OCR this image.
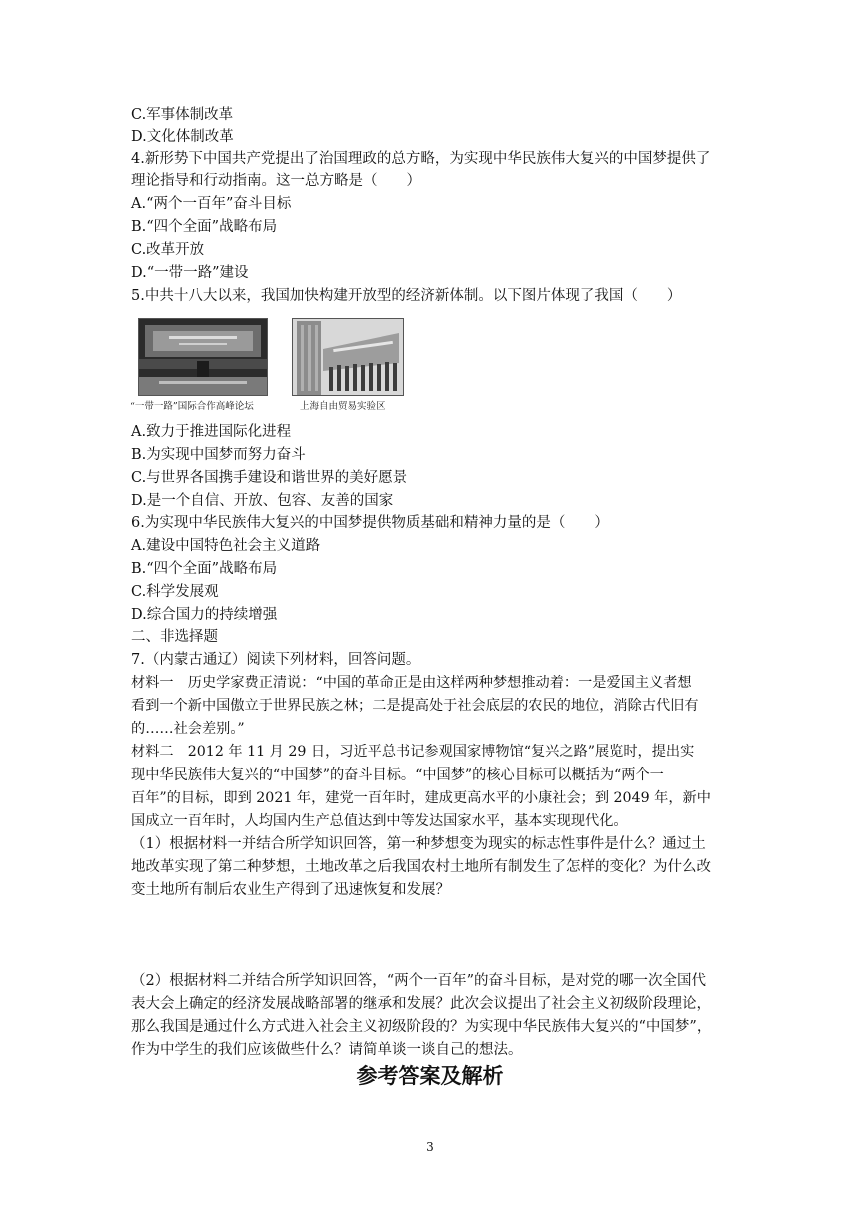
C.军事体制改革
D.文化体制改革
4.新形势下中国共产党提出了治国理政的总方略，为实现中华民族伟大复兴的中国梦提供了
理论指导和行动指南。这一总方略是（　　）
A.“两个一百年”奋斗目标
B.“四个全面”战略布局
C.改革开放
D.“一带一路”建设
5.中共十八大以来，我国加快构建开放型的经济新体制。以下图片体现了我国（　　）
“一带一路”国际合作高峰论坛	上海自由贸易实验区
A.致力于推进国际化进程
B.为实现中国梦而努力奋斗
C.与世界各国携手建设和谐世界的美好愿景
D.是一个自信、开放、包容、友善的国家
6.为实现中华民族伟大复兴的中国梦提供物质基础和精神力量的是（　　）
A.建设中国特色社会主义道路
B.“四个全面”战略布局
C.科学发展观
D.综合国力的持续增强
二、非选择题
7.（内蒙古通辽）阅读下列材料，回答问题。
材料一　历史学家费正清说：“中国的革命正是由这样两种梦想推动着：一是爱国主义者想
看到一个新中国傲立于世界民族之林；二是提高处于社会底层的农民的地位，消除古代旧有
的……社会差别。”
材料二　2012 年 11 月 29 日，习近平总书记参观国家博物馆“复兴之路”展览时，提出实
现中华民族伟大复兴的“中国梦”的奋斗目标。“中国梦”的核心目标可以概括为“两个一
百年”的目标，即到 2021 年，建党一百年时，建成更高水平的小康社会；到 2049 年，新中
国成立一百年时，人均国内生产总值达到中等发达国家水平，基本实现现代化。
（1）根据材料一并结合所学知识回答，第一种梦想变为现实的标志性事件是什么？通过土
地改革实现了第二种梦想，土地改革之后我国农村土地所有制发生了怎样的变化？为什么改
变土地所有制后农业生产得到了迅速恢复和发展？
（2）根据材料二并结合所学知识回答，“两个一百年”的奋斗目标，是对党的哪一次全国代
表大会上确定的经济发展战略部署的继承和发展？此次会议提出了社会主义初级阶段理论，
那么我国是通过什么方式进入社会主义初级阶段的？为实现中华民族伟大复兴的“中国梦”，
作为中学生的我们应该做些什么？请简单谈一谈自己的想法。
参考答案及解析
3
